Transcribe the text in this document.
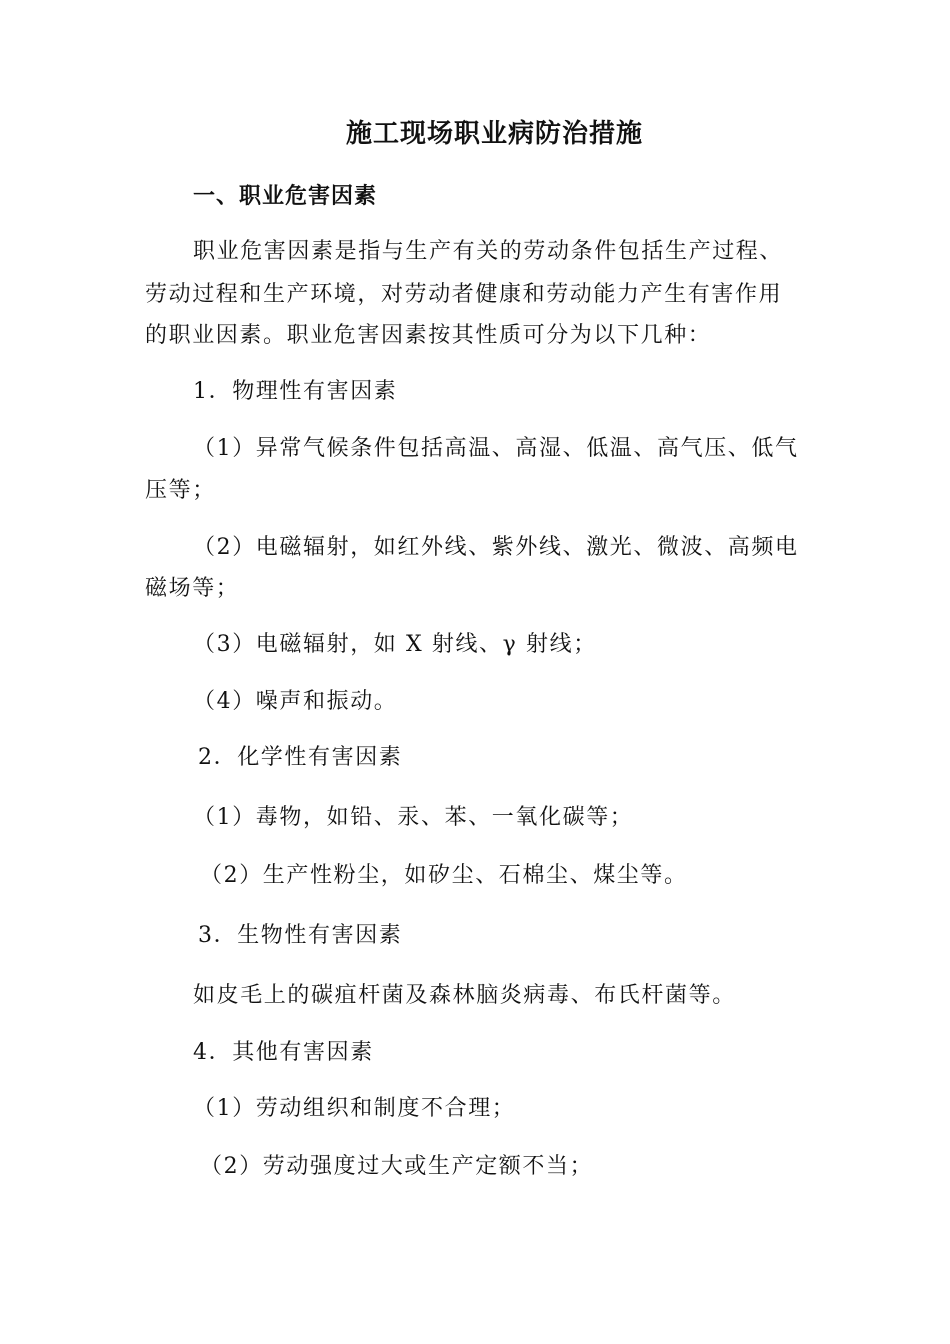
施工现场职业病防治措施
一、职业危害因素
职业危害因素是指与生产有关的劳动条件包括生产过程、
劳动过程和生产环境，对劳动者健康和劳动能力产生有害作用
的职业因素。职业危害因素按其性质可分为以下几种：
1．物理性有害因素
（1）异常气候条件包括高温、高湿、低温、高气压、低气
压等；
（2）电磁辐射，如红外线、紫外线、激光、微波、高频电
磁场等；
（3）电磁辐射，如 X 射线、γ 射线；
（4）噪声和振动。
2．化学性有害因素
（1）毒物，如铅、汞、苯、一氧化碳等；
（2）生产性粉尘，如矽尘、石棉尘、煤尘等。
3．生物性有害因素
如皮毛上的碳疽杆菌及森林脑炎病毒、布氏杆菌等。
4．其他有害因素
（1）劳动组织和制度不合理；
（2）劳动强度过大或生产定额不当；
